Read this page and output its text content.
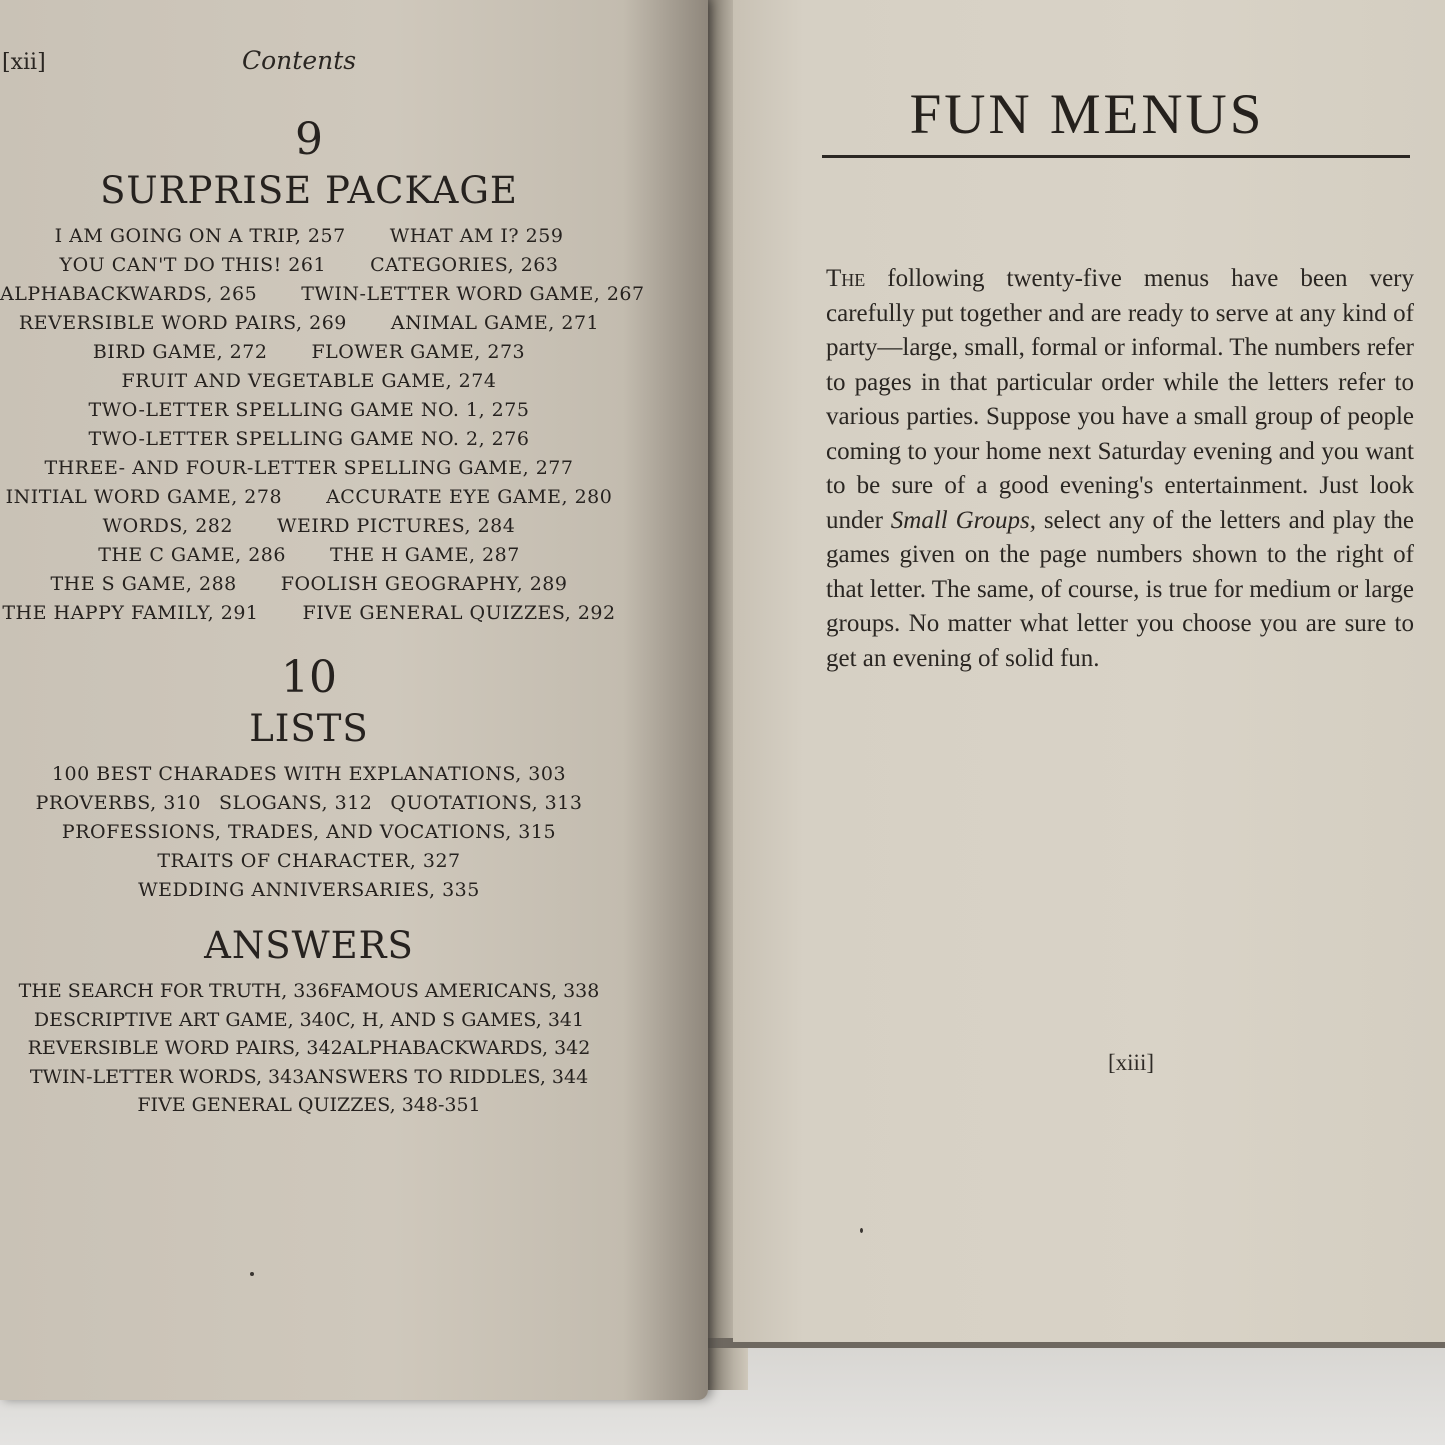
[xii]	Contents
9
SURPRISE PACKAGE
I AM GOING ON A TRIP, 257 WHAT AM I? 259
YOU CAN'T DO THIS! 261 CATEGORIES, 263
ALPHABACKWARDS, 265 TWIN-LETTER WORD GAME, 267
REVERSIBLE WORD PAIRS, 269 ANIMAL GAME, 271
BIRD GAME, 272 FLOWER GAME, 273
FRUIT AND VEGETABLE GAME, 274
TWO-LETTER SPELLING GAME NO. 1, 275
TWO-LETTER SPELLING GAME NO. 2, 276
THREE- AND FOUR-LETTER SPELLING GAME, 277
INITIAL WORD GAME, 278 ACCURATE EYE GAME, 280
WORDS, 282 WEIRD PICTURES, 284
THE C GAME, 286 THE H GAME, 287
THE S GAME, 288 FOOLISH GEOGRAPHY, 289
THE HAPPY FAMILY, 291 FIVE GENERAL QUIZZES, 292
10
LISTS
100 BEST CHARADES WITH EXPLANATIONS, 303
PROVERBS, 310 SLOGANS, 312 QUOTATIONS, 313
PROFESSIONS, TRADES, AND VOCATIONS, 315
TRAITS OF CHARACTER, 327
WEDDING ANNIVERSARIES, 335
ANSWERS
THE SEARCH FOR TRUTH, 336FAMOUS AMERICANS, 338
DESCRIPTIVE ART GAME, 340C, H, AND S GAMES, 341
REVERSIBLE WORD PAIRS, 342ALPHABACKWARDS, 342
TWIN-LETTER WORDS, 343ANSWERS TO RIDDLES, 344
FIVE GENERAL QUIZZES, 348-351
FUN MENUS
The following twenty-five menus have been very carefully put together and are ready to serve at any kind of party—large, small, formal or informal. The numbers refer to pages in that particular order while the letters refer to various parties. Suppose you have a small group of people coming to your home next Saturday evening and you want to be sure of a good evening's entertainment. Just look under Small Groups, select any of the letters and play the games given on the page numbers shown to the right of that letter. The same, of course, is true for medium or large groups. No matter what letter you choose you are sure to get an evening of solid fun.
[xiii]
